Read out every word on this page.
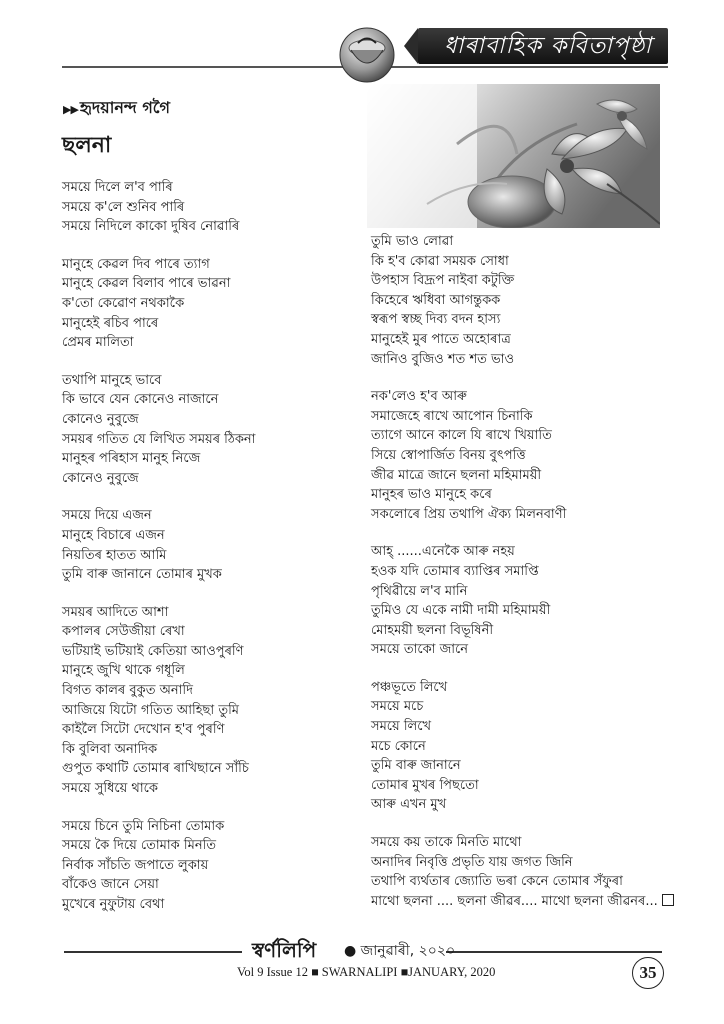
ধাৰাবাহিক কবিতাপৃষ্ঠা
▶▶ হৃদয়ানন্দ গগৈ
ছলনা
সময়ে দিলে ল'ব পাৰি
সময়ে ক'লে শুনিব পাৰি
সময়ে নিদিলে কাকো দুষিব নোৱাৰি
মানুহে কেৱল দিব পাৰে ত্যাগ
মানুহে কেৱল বিলাব পাৰে ভাৱনা
ক'তো কেৱোণ নথকাকৈ
মানুহেই ৰচিব পাৰে
প্ৰেমৰ মালিতা
তথাপি মানুহে ভাবে
কি ভাবে যেন কোনেও নাজানে
কোনেও নুবুজে
সময়ৰ গতিত যে লিখিত সময়ৰ ঠিকনা
মানুহৰ পৰিহাস মানুহ নিজে
কোনেও নুবুজে
সময়ে দিয়ে এজন
মানুহে বিচাৰে এজন
নিয়তিৰ হাতত আমি
তুমি বাৰু জানানে তোমাৰ মুখক
সময়ৰ আদিতে আশা
কপালৰ সেউজীয়া ৰেখা
ভটিয়াই ভটিয়াই কেতিয়া আওপুৰণি
মানুহে জুখি থাকে গধূলি
বিগত কালৰ বুকুত অনাদি
আজিয়ে যিটো গতিত আহিছা তুমি
কাইলৈ সিটো দেখোন হ'ব পুৰণি
কি বুলিবা অনাদিক
গুপুত কথাটি তোমাৰ ৰাখিছানে সাঁচি
সময়ে সুধিয়ে থাকে
সময়ে চিনে তুমি নিচিনা তোমাক
সময়ে কৈ দিয়ে তোমাক মিনতি
নিৰ্বাক সাঁচতি জপাতে লুকায়
বাঁকেও জানে সেয়া
মুখেৰে নুফুটায় বেথা
তুমি ভাও লোৱা
কি হ'ব কোৱা সময়ক সোধা
উপহাস বিদ্ৰূপ নাইবা কটুক্তি
কিহেৰে ঋধিবা আগন্তুকক
স্বৰূপ স্বচ্ছ দিব্য বদন হাস্য
মানুহেই মুৰ পাতে অহোৰাত্ৰ
জানিও বুজিও শত শত ভাও
নক'লেও হ'ব আৰু
সমাজেহে ৰাখে আপোন চিনাকি
ত্যাগে আনে কালে যি ৰাখে খিয়াতি
সিয়ে স্বোপাৰ্জিত বিনয় বুৎপত্তি
জীৱ মাত্ৰে জানে ছলনা মহিমাময়ী
মানুহৰ ভাও মানুহে কৰে
সকলোৰে প্ৰিয় তথাপি ঐক্য মিলনবাণী
আহ্ ......এনেকৈ আৰু নহয়
হওক যদি তোমাৰ ব্যাপ্তিৰ সমাপ্তি
পৃথিৱীয়ে ল'ব মানি
তুমিও যে একে নামী দামী মহিমাময়ী
মোহময়ী ছলনা বিভূষিনী
সময়ে তাকো জানে
পঞ্চভূতে লিখে
সময়ে মচে
সময়ে লিখে
মচে কোনে
তুমি বাৰু জানানে
তোমাৰ মুখৰ পিছতো
আৰু এখন মুখ
সময়ে কয় তাকে মিনতি মাথো
অনাদিৰ নিবৃত্তি প্ৰভৃতি যায় জগত জিনি
তথাপি ব্যৰ্থতাৰ জ্যোতি ভৰা কেনে তোমাৰ সঁফুৰা
মাথো ছলনা .... ছলনা জীৱৰ.... মাথো ছলনা জীৱনৰ...
স্বৰ্ণলিপি ● জানুৱাৰী, ২০২০
Vol 9 Issue 12 ■ SWARNALIPI ■JANUARY, 2020	35
